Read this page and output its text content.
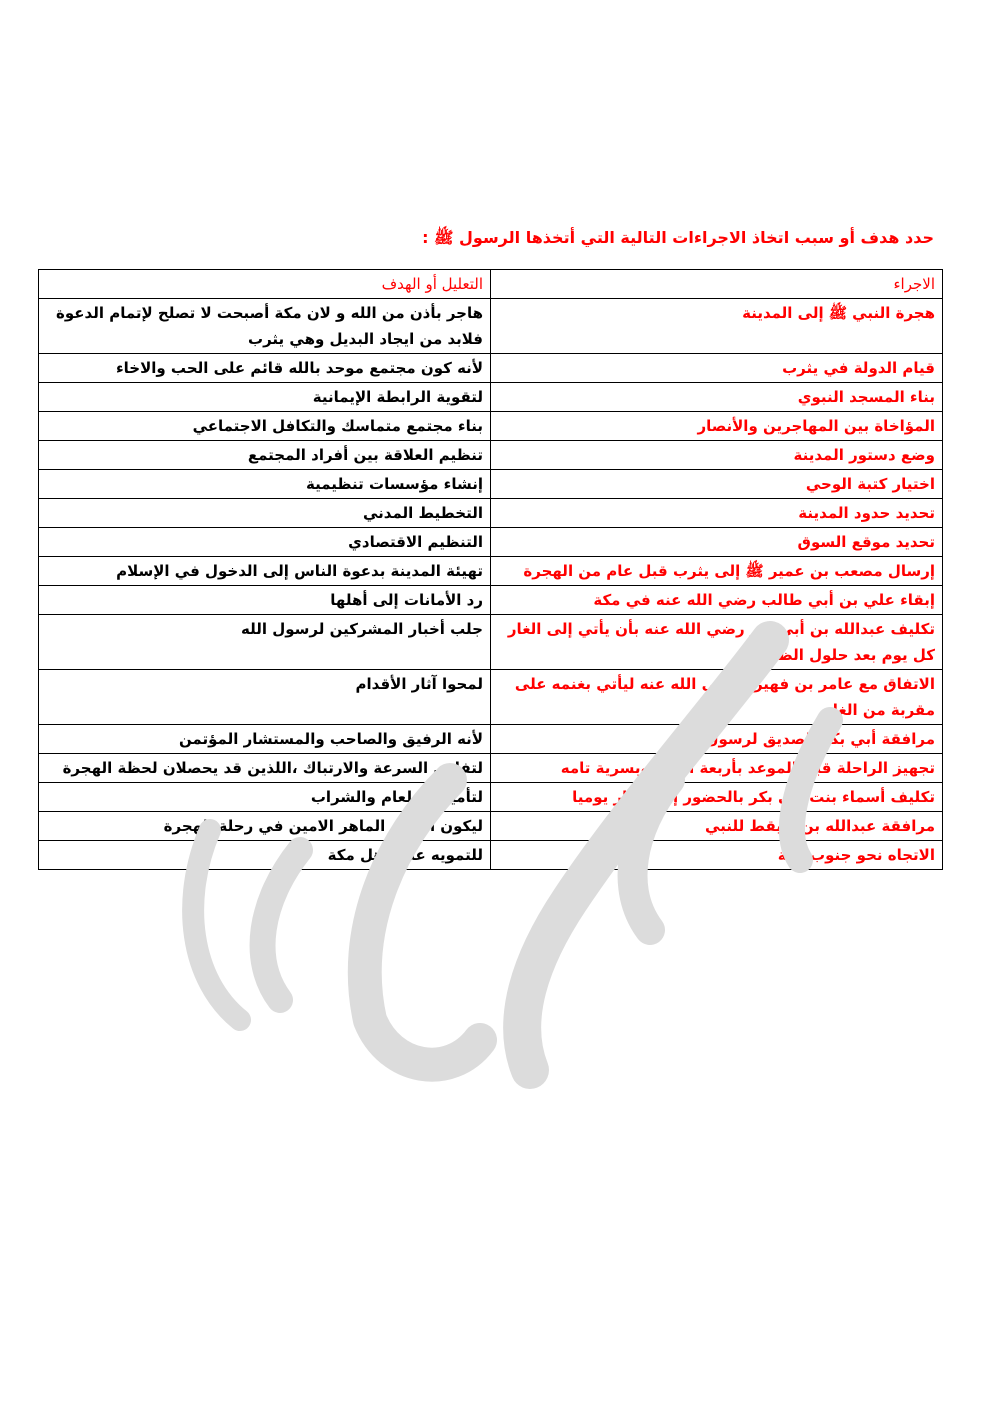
حدد هدف أو سبب اتخاذ الاجراءات التالية التي أتخذها الرسول ﷺ :
الاجراء	التعليل أو الهدف
هجرة النبي ﷺ إلى المدينة	هاجر بأذن من الله و لان مكة أصبحت لا تصلح لإتمام الدعوة فلابد من ايجاد البديل وهي يثرب
قيام الدولة في يثرب	لأنه كون مجتمع موحد بالله قائم على الحب والاخاء
بناء المسجد النبوي	لتقوية الرابطة الإيمانية
المؤاخاة بين المهاجرين والأنصار	بناء مجتمع متماسك والتكافل الاجتماعي
وضع دستور المدينة	تنظيم العلاقة بين أفراد المجتمع
اختيار كتبة الوحي	إنشاء مؤسسات تنظيمية
تحديد حدود المدينة	التخطيط المدني
تحديد موقع السوق	التنظيم الاقتصادي
إرسال مصعب بن عمير ﷺ إلى يثرب قبل عام من الهجرة	تهيئة المدينة بدعوة الناس إلى الدخول في الإسلام
إبقاء علي بن أبي طالب رضي الله عنه في مكة	رد الأمانات إلى أهلها
تكليف عبدالله بن أبي بكر رضي الله عنه بأن يأتي إلى الغار كل يوم بعد حلول الظلام	جلب أخبار المشركين لرسول الله
الاتفاق مع عامر بن فهيرة رضي الله عنه ليأتي بغنمه على مقربة من الغاز	لمحوا آثار الأقدام
مرافقة أبي بكر الصديق لرسول الله	لأنه الرفيق والصاحب والمستشار المؤتمن
تجهيز الراحلة قبل الموعد بأربعة أشهر وبسرية تامه	لتفادي السرعة والارتباك ،اللذين قد يحصلان لحظة الهجرة
تكليف أسماء بنت أبي بكر بالحضور إلى الغار يوميا	لتأمين الطعام والشراب
مرافقة عبدالله بن أريقط للنبي	ليكون الدليل الماهر الامين في رحلة الهجرة
الاتجاه نحو جنوب مكة	للتمويه على أهل مكة
